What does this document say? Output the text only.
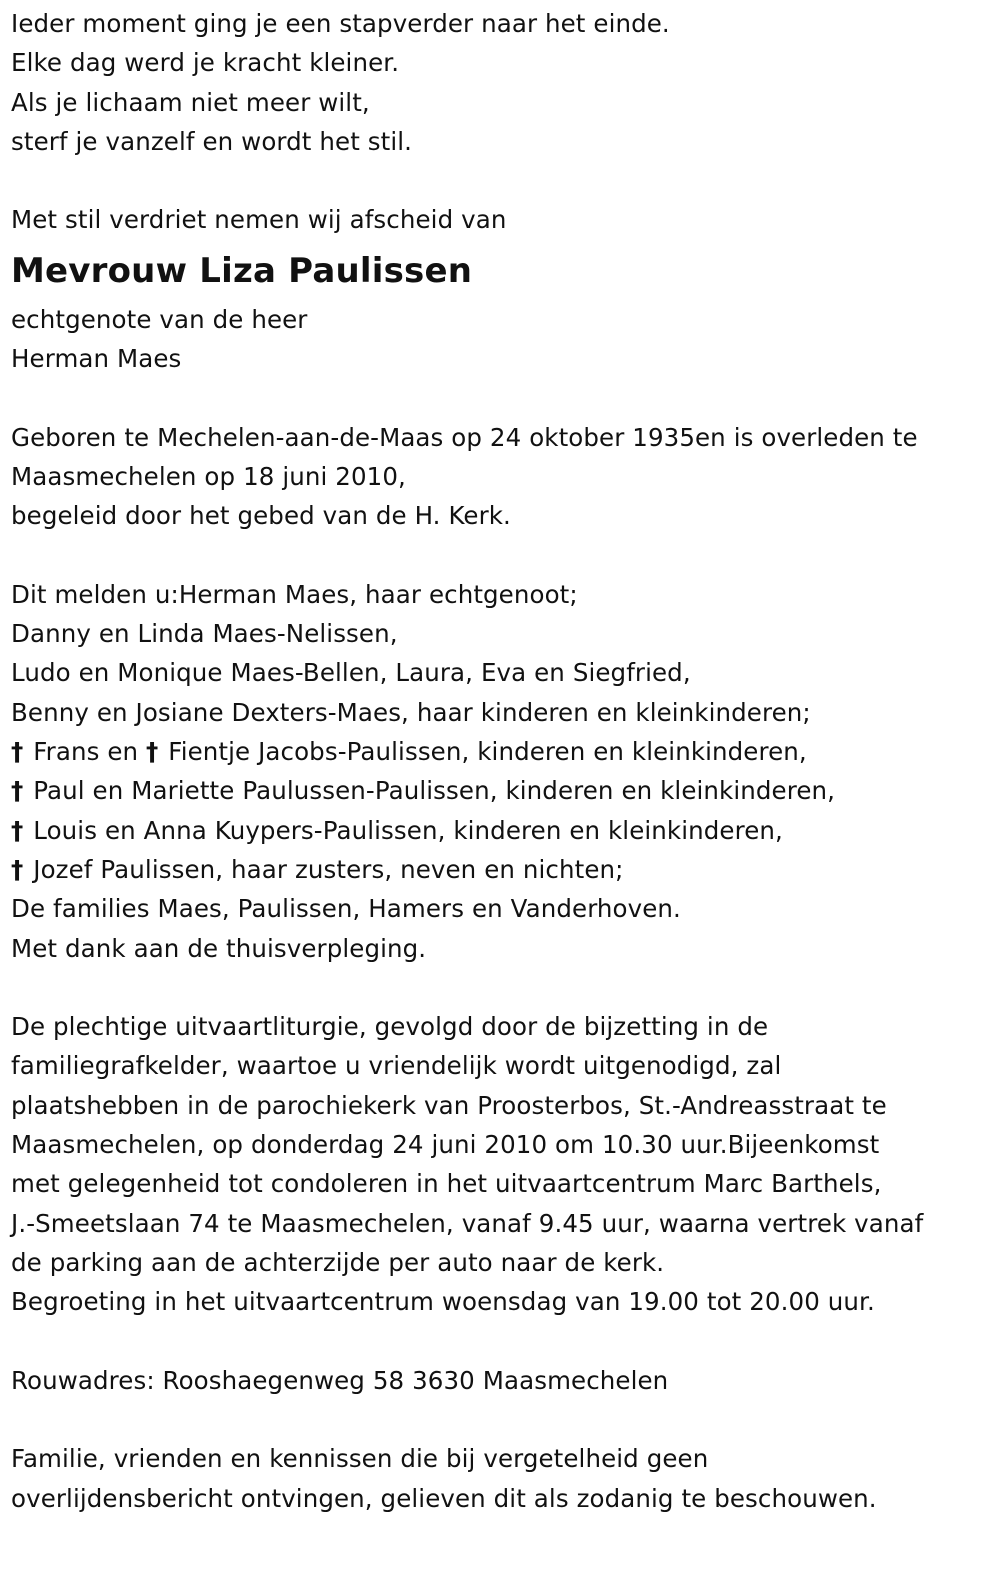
Ieder moment ging je een stapverder naar het einde.
Elke dag werd je kracht kleiner.
Als je lichaam niet meer wilt,
sterf je vanzelf en wordt het stil.
Met stil verdriet nemen wij afscheid van
Mevrouw Liza Paulissen
echtgenote van de heer
Herman Maes
Geboren te Mechelen-aan-de-Maas op 24 oktober 1935en is overleden te
Maasmechelen op 18 juni 2010,
begeleid door het gebed van de H. Kerk.
Dit melden u:Herman Maes, haar echtgenoot;
Danny en Linda Maes-Nelissen,
Ludo en Monique Maes-Bellen, Laura, Eva en Siegfried,
Benny en Josiane Dexters-Maes, haar kinderen en kleinkinderen;
† Frans en † Fientje Jacobs-Paulissen, kinderen en kleinkinderen,
† Paul en Mariette Paulussen-Paulissen, kinderen en kleinkinderen,
† Louis en Anna Kuypers-Paulissen, kinderen en kleinkinderen,
† Jozef Paulissen, haar zusters, neven en nichten;
De families Maes, Paulissen, Hamers en Vanderhoven.
Met dank aan de thuisverpleging.
De plechtige uitvaartliturgie, gevolgd door de bijzetting in de
familiegrafkelder, waartoe u vriendelijk wordt uitgenodigd, zal
plaatshebben in de parochiekerk van Proosterbos, St.-Andreasstraat te
Maasmechelen, op donderdag 24 juni 2010 om 10.30 uur.Bijeenkomst
met gelegenheid tot condoleren in het uitvaartcentrum Marc Barthels,
J.-Smeetslaan 74 te Maasmechelen, vanaf 9.45 uur, waarna vertrek vanaf
de parking aan de achterzijde per auto naar de kerk.
Begroeting in het uitvaartcentrum woensdag van 19.00 tot 20.00 uur.
Rouwadres: Rooshaegenweg 58 3630 Maasmechelen
Familie, vrienden en kennissen die bij vergetelheid geen
overlijdensbericht ontvingen, gelieven dit als zodanig te beschouwen.
